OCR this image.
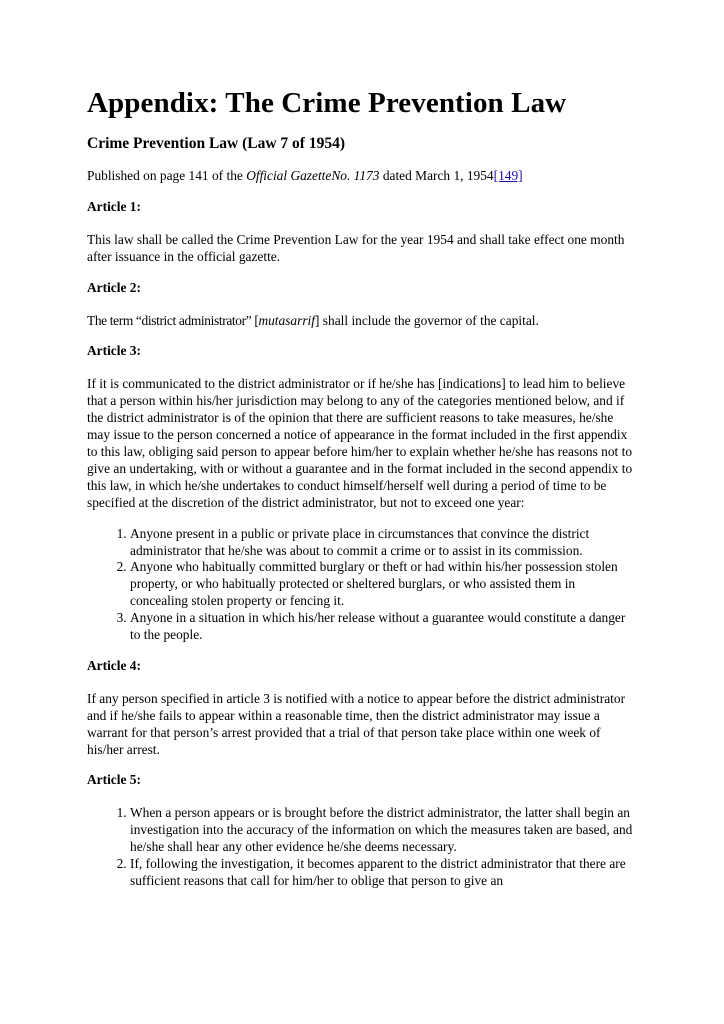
Appendix: The Crime Prevention Law
Crime Prevention Law (Law 7 of 1954)

Published on page 141 of the Official GazetteNo. 1173 dated March 1, 1954[149]

Article 1:

This law shall be called the Crime Prevention Law for the year 1954 and shall take effect one month after issuance in the official gazette.

Article 2:

The term “district administrator” [mutasarrif] shall include the governor of the capital.

Article 3:

If it is communicated to the district administrator or if he/she has [indications] to lead him to believe that a person within his/her jurisdiction may belong to any of the categories mentioned below, and if the district administrator is of the opinion that there are sufficient reasons to take measures, he/she may issue to the person concerned a notice of appearance in the format included in the first appendix to this law, obliging said person to appear before him/her to explain whether he/she has reasons not to give an undertaking, with or without a guarantee and in the format included in the second appendix to this law, in which he/she undertakes to conduct himself/herself well during a period of time to be specified at the discretion of the district administrator, but not to exceed one year:

1. Anyone present in a public or private place in circumstances that convince the district administrator that he/she was about to commit a crime or to assist in its commission.
2. Anyone who habitually committed burglary or theft or had within his/her possession stolen property, or who habitually protected or sheltered burglars, or who assisted them in concealing stolen property or fencing it.
3. Anyone in a situation in which his/her release without a guarantee would constitute a danger to the people.

Article 4:

If any person specified in article 3 is notified with a notice to appear before the district administrator and if he/she fails to appear within a reasonable time, then the district administrator may issue a warrant for that person’s arrest provided that a trial of that person take place within one week of his/her arrest.

Article 5:

1. When a person appears or is brought before the district administrator, the latter shall begin an investigation into the accuracy of the information on which the measures taken are based, and he/she shall hear any other evidence he/she deems necessary.
2. If, following the investigation, it becomes apparent to the district administrator that there are sufficient reasons that call for him/her to oblige that person to give an
